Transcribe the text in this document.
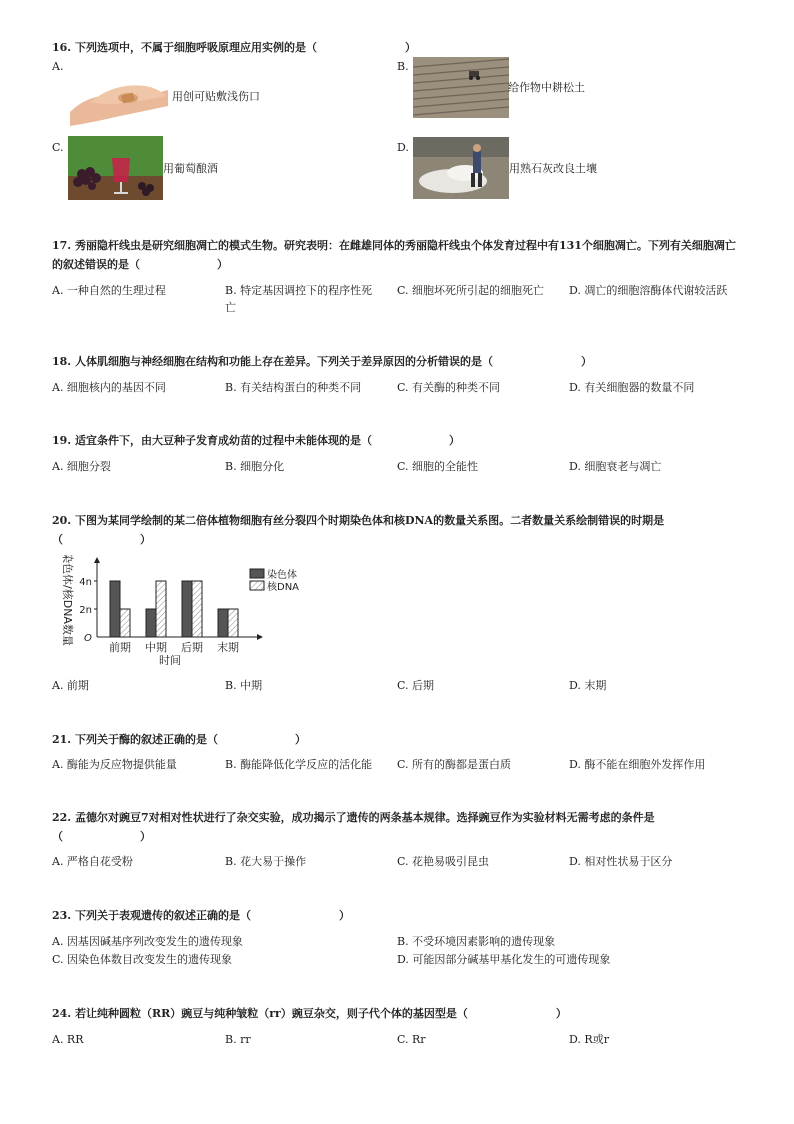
16. 下列选项中，不属于细胞呼吸原理应用实例的是（　　　　　　　　）
A.
用创可贴敷浅伤口
B.
给作物中耕松土
C.
用葡萄酿酒
D.
用熟石灰改良土壤
17. 秀丽隐杆线虫是研究细胞凋亡的模式生物。研究表明：在雌雄同体的秀丽隐杆线虫个体发育过程中有131个细胞凋亡。下列有关细胞凋亡的叙述错误的是（　　　　　　　）
A. 一种自然的生理过程	B. 特定基因调控下的程序性死亡
C. 细胞坏死所引起的细胞死亡	D. 凋亡的细胞溶酶体代谢较活跃
18. 人体肌细胞与神经细胞在结构和功能上存在差异。下列关于差异原因的分析错误的是（　　　　　　　　）
A. 细胞核内的基因不同	B. 有关结构蛋白的种类不同	C. 有关酶的种类不同	D. 有关细胞器的数量不同
19. 适宜条件下，由大豆种子发育成幼苗的过程中未能体现的是（　　　　　　　）
A. 细胞分裂	B. 细胞分化	C. 细胞的全能性	D. 细胞衰老与凋亡
20. 下图为某同学绘制的某二倍体植物细胞有丝分裂四个时期染色体和核DNA的数量关系图。二者数量关系绘制错误的时期是（　　　　　　　）
染色体/核DNA数量 O
4n
2n
前期 中期 后期 末期
时间
染色体
核DNA
A. 前期	B. 中期	C. 后期	D. 末期
21. 下列关于酶的叙述正确的是（　　　　　　　）
A. 酶能为反应物提供能量	B. 酶能降低化学反应的活化能 C. 所有的酶都是蛋白质	D. 酶不能在细胞外发挥作用
22. 孟德尔对豌豆7对相对性状进行了杂交实验，成功揭示了遗传的两条基本规律。选择豌豆作为实验材料无需考虑的条件是（　　　　　　　）
A. 严格自花受粉	B. 花大易于操作	C. 花艳易吸引昆虫	D. 相对性状易于区分
23. 下列关于表观遗传的叙述正确的是（　　　　　　　　）
A. 因基因碱基序列改变发生的遗传现象	B. 不受环境因素影响的遗传现象
C. 因染色体数目改变发生的遗传现象	D. 可能因部分碱基甲基化发生的可遗传现象
24. 若让纯种圆粒（RR）豌豆与纯种皱粒（rr）豌豆杂交，则子代个体的基因型是（　　　　　　　　）
A. RR	B. rr	C. Rr	D. R或r
